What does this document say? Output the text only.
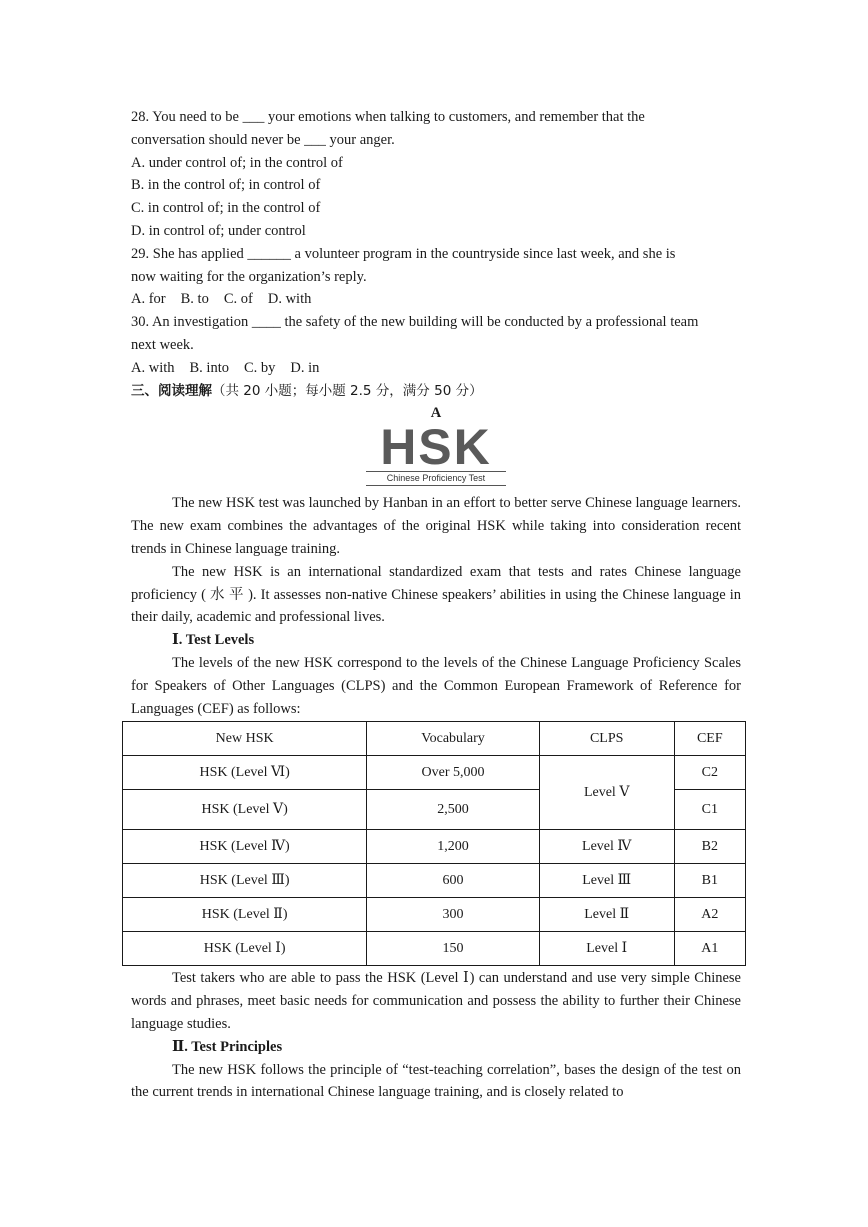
28. You need to be ___ your emotions when talking to customers, and remember that the
conversation should never be ___ your anger.
A. under control of; in the control of
B. in the control of; in control of
C. in control of; in the control of
D. in control of; under control
29. She has applied ______ a volunteer program in the countryside since last week, and she is
now waiting for the organization’s reply.
A. for B. to C. of D. with
30. An investigation ____ the safety of the new building will be conducted by a professional team
next week.
A. with B. into C. by D. in
三、阅读理解（共 20 小题；每小题 2.5 分，满分 50 分）
A
HSK
Chinese Proficiency Test

The new HSK test was launched by Hanban in an effort to better serve Chinese language learners. The new exam combines the advantages of the original HSK while taking into consideration recent trends in Chinese language training.

The new HSK is an international standardized exam that tests and rates Chinese language proficiency ( 水 平 ). It assesses non-native Chinese speakers’ abilities in using the Chinese language in their daily, academic and professional lives.

Ⅰ. Test Levels

The levels of the new HSK correspond to the levels of the Chinese Language Proficiency Scales for Speakers of Other Languages (CLPS) and the Common European Framework of Reference for Languages (CEF) as follows:

New HSK	Vocabulary	CLPS	CEF
HSK (Level Ⅵ)	Over 5,000	Level Ⅴ	C2
HSK (Level Ⅴ)	2,500		C1
HSK (Level Ⅳ)	1,200	Level Ⅳ	B2
HSK (Level Ⅲ)	600	Level Ⅲ	B1
HSK (Level Ⅱ)	300	Level Ⅱ	A2
HSK (Level Ⅰ)	150	Level Ⅰ	A1

Test takers who are able to pass the HSK (Level Ⅰ) can understand and use very simple Chinese words and phrases, meet basic needs for communication and possess the ability to further their Chinese language studies.

Ⅱ. Test Principles

The new HSK follows the principle of “test-teaching correlation”, bases the design of the test on the current trends in international Chinese language training, and is closely related to
